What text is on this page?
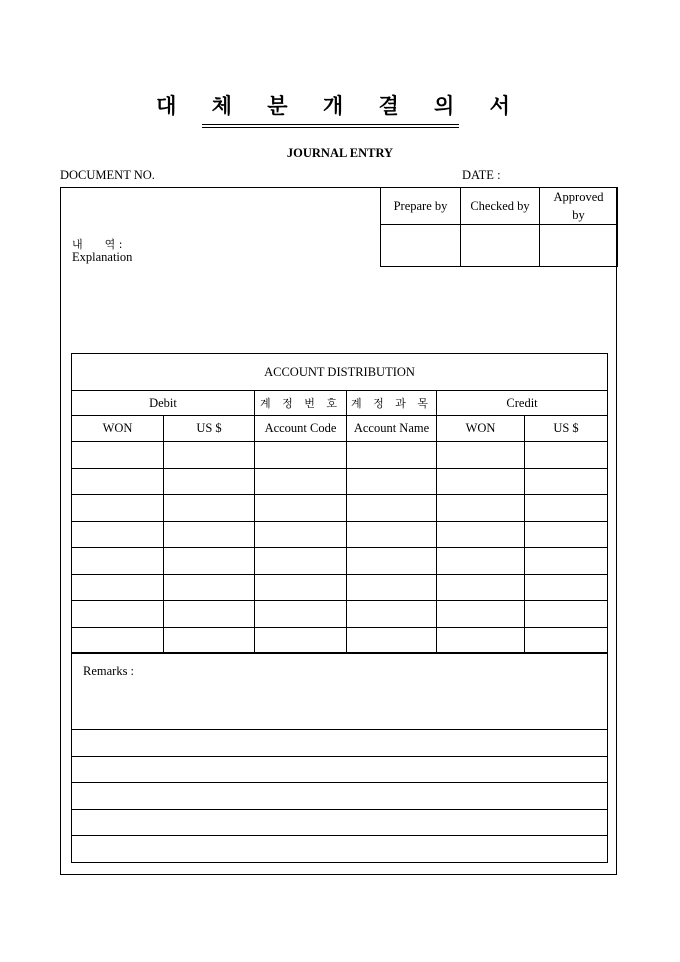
대 체 분 개 결 의 서
JOURNAL ENTRY
DOCUMENT NO.	DATE :
Prepare by	Checked by	Approved by

내　　역 :
Explanation
ACCOUNT DISTRIBUTION					
Debit		계 정 번 호	계 정 과 목	Credit	
WON	US $	Account Code	Account Name	WON	US $

Remarks :
